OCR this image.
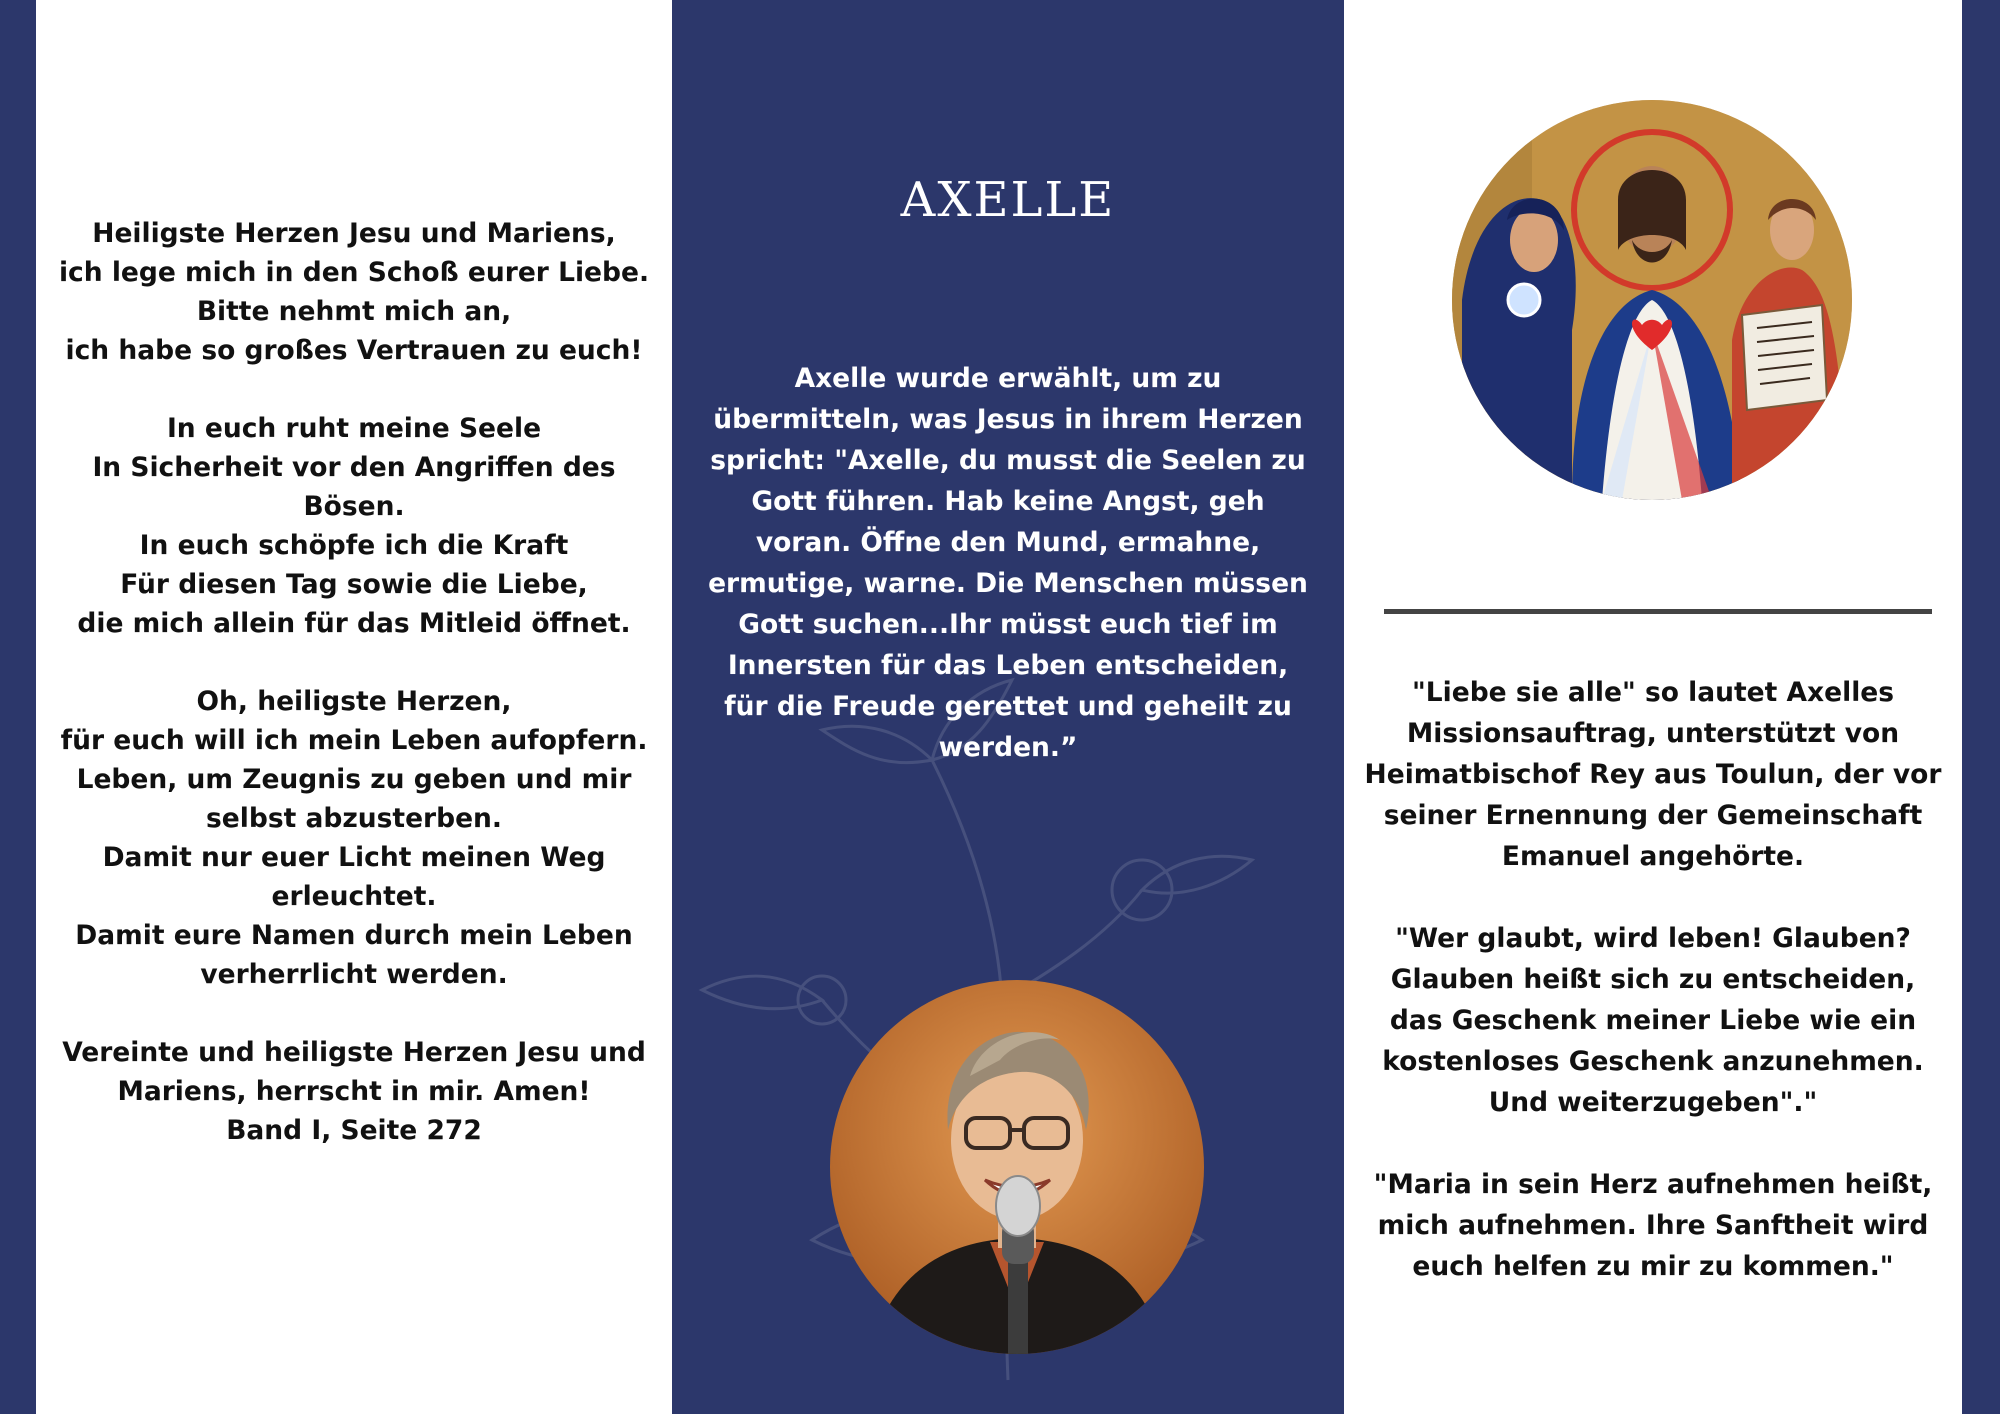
Heiligste Herzen Jesu und Mariens,
ich lege mich in den Schoß eurer Liebe.
Bitte nehmt mich an,
ich habe so großes Vertrauen zu euch!
In euch ruht meine Seele
In Sicherheit vor den Angriffen des
Bösen.
In euch schöpfe ich die Kraft
Für diesen Tag sowie die Liebe,
die mich allein für das Mitleid öffnet.
Oh, heiligste Herzen,
für euch will ich mein Leben aufopfern.
Leben, um Zeugnis zu geben und mir
selbst abzusterben.
Damit nur euer Licht meinen Weg
erleuchtet.
Damit eure Namen durch mein Leben
verherrlicht werden.
Vereinte und heiligste Herzen Jesu und
Mariens, herrscht in mir. Amen!
Band I, Seite 272
AXELLE
Axelle wurde erwählt, um zu übermitteln, was Jesus in ihrem Herzen spricht: "Axelle, du musst die Seelen zu Gott führen. Hab keine Angst, geh voran. Öffne den Mund, ermahne, ermutige, warne. Die Menschen müssen Gott suchen...Ihr müsst euch tief im Innersten für das Leben entscheiden, für die Freude gerettet und geheilt zu werden.”
"Liebe sie alle" so lautet Axelles
Missionsauftrag, unterstützt von
Heimatbischof Rey aus Toulun, der vor
seiner Ernennung der Gemeinschaft
Emanuel angehörte.
"Wer glaubt, wird leben! Glauben?
Glauben heißt sich zu entscheiden,
das Geschenk meiner Liebe wie ein
kostenloses Geschenk anzunehmen.
Und weiterzugeben"."
"Maria in sein Herz aufnehmen heißt,
mich aufnehmen. Ihre Sanftheit wird
euch helfen zu mir zu kommen."
